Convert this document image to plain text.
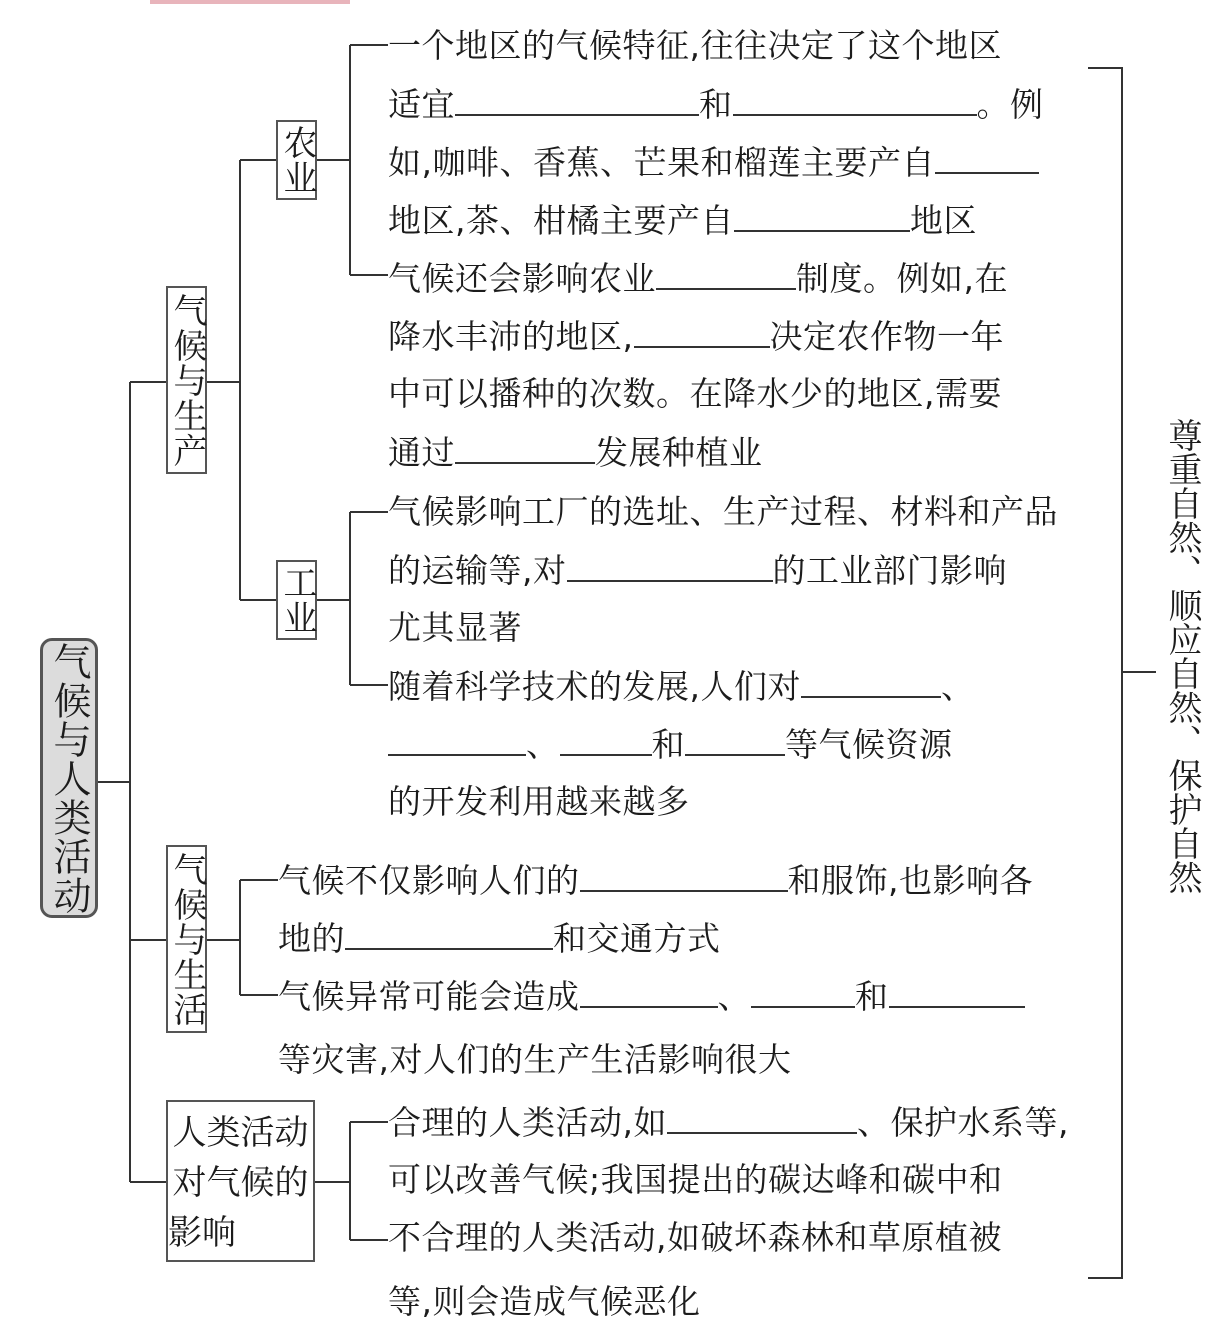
气候与人类活动
气候与生产
农业
工业
气候与生活
人类活动
对气候的
影响
一个地区的气候特征,往往决定了这个地区
适宜	和	。例
如,咖啡、香蕉、芒果和榴莲主要产自
地区,茶、柑橘主要产自	地区
气候还会影响农业	制度。例如,在
降水丰沛的地区,	决定农作物一年
中可以播种的次数。在降水少的地区,需要
通过	发展种植业
气候影响工厂的选址、生产过程、材料和产品
的运输等,对	的工业部门影响
尤其显著
随着科学技术的发展,人们对	、
、	和	等气候资源
的开发利用越来越多
气候不仅影响人们的	和服饰,也影响各
地的	和交通方式
气候异常可能会造成	、	和
等灾害,对人们的生产生活影响很大
合理的人类活动,如	、保护水系等,
可以改善气候;我国提出的碳达峰和碳中和
不合理的人类活动,如破坏森林和草原植被
等,则会造成气候恶化
尊重自然、顺应自然、保护自然
